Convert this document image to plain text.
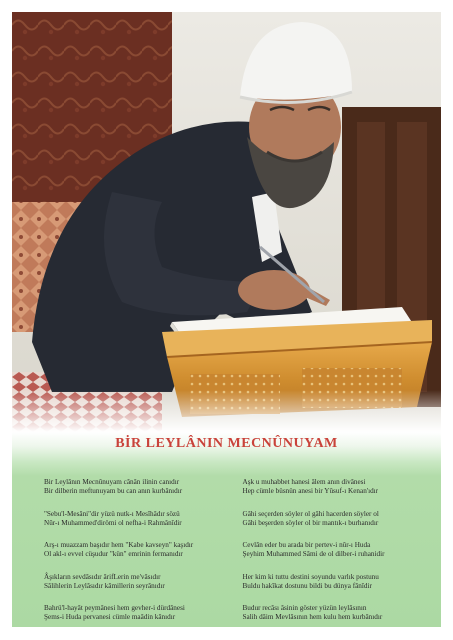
BİR LEYLÂNIN MECNÛNUYAM
Bir Leylânın Mecnûnuyam cânân ilinin canıdır
Bir dilberin meftunuyam bu can anın kurbânıdır
"Sebu'l-Mesâni"dir yüzü nutk-ı Mesîhâdır sözü
Nûr-ı Muhammed'dirömi ol nefha-i Rahmânîdir
Arş-ı muazzam başıdır hem "Kabe kavseyn" kaşıdır
Ol akl-ı evvel cüşudur "kün" emrinin fermanıdır
Âşıkların sevdâsıdır ârifLerin me'vâsıdır
Sâlihlerin Leylâsıdır kâmillerin seyrânıdır
Bahrü'l-hayât peymânesi hem gevher-i dürdânesi
Şems-i Huda pervanesi cümle maâdin kânıdır
Aşk u muhabbet hanesi âlem anın divânesi
Hep cümle büsnün anesi bir Yûsuf-ı Kenan'ıdır
Gâhi seçerden söyler ol gâhi hacerden söyler ol
Gâhi beşerden söyler ol bir mantık-ı burhanıdır
Cevlân eder bu arada bir pertev-i nûr-ı Huda
Şeyhim Muhammed Sâmi de ol dilber-i ruhanidir
Her kim ki tuttu destini soyundu varlık postunu
Buldu hakîkat dostunu bildi bu dünya fânîdir
Budur recâsı âsinin göster yüzün leylâsının
Salih dâim Mevlâsının hem kulu hem kurbânıdır
